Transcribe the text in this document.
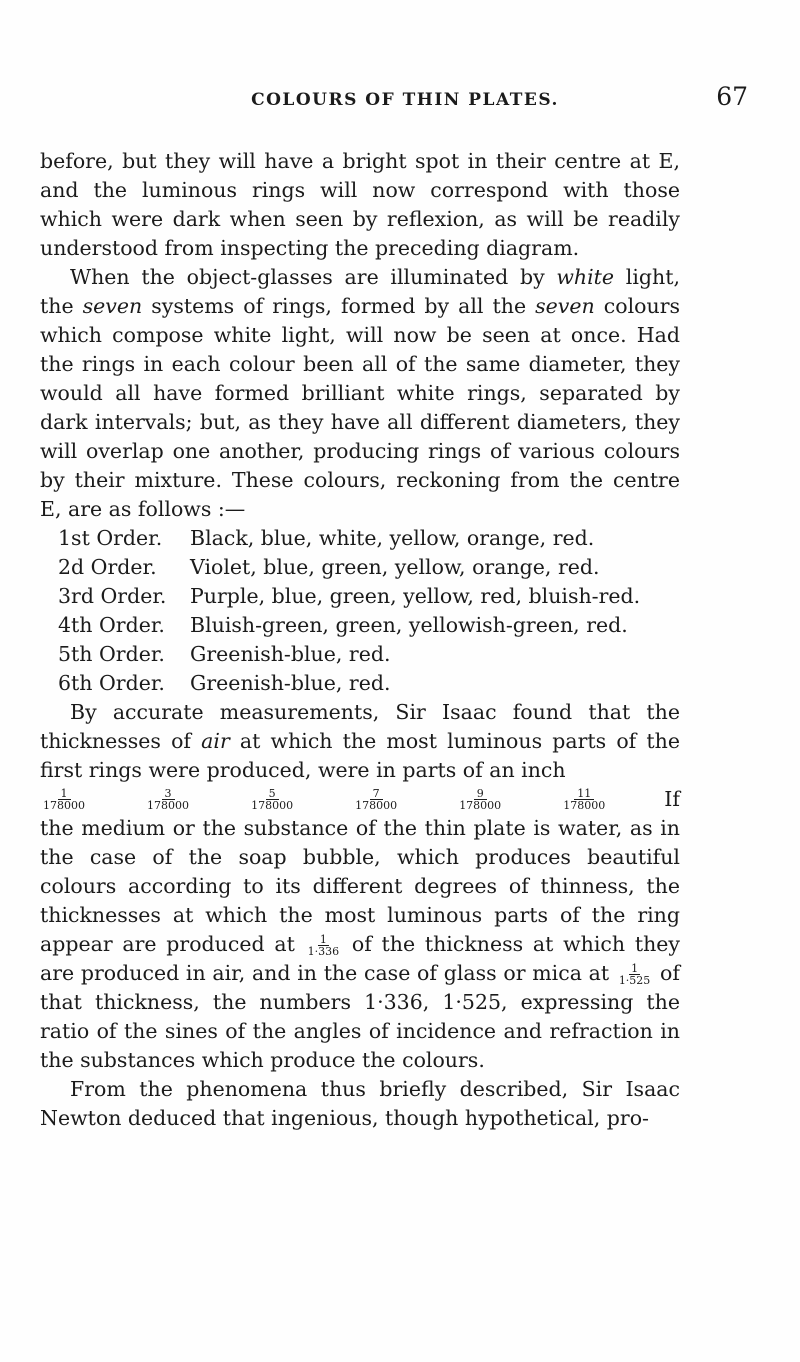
COLOURS OF THIN PLATES.	67

before, but they will have a bright spot in their centre at E, and the luminous rings will now correspond with those which were dark when seen by reflexion, as will be readily understood from inspecting the preceding diagram.

When the object-glasses are illuminated by white light, the seven systems of rings, formed by all the seven colours which compose white light, will now be seen at once. Had the rings in each colour been all of the same diameter, they would all have formed brilliant white rings, separated by dark intervals; but, as they have all different diameters, they will overlap one another, producing rings of various colours by their mixture. These colours, reckoning from the centre E, are as follows :—

1st Order.	Black, blue, white, yellow, orange, red.
2d Order.	Violet, blue, green, yellow, orange, red.
3rd Order.	Purple, blue, green, yellow, red, bluish-red.
4th Order.	Bluish-green, green, yellowish-green, red.
5th Order.	Greenish-blue, red.
6th Order.	Greenish-blue, red.

By accurate measurements, Sir Isaac found that the thicknesses of air at which the most luminous parts of the first rings were produced, were in parts of an inch

$\frac{1}{178000}$	$\frac{3}{178000}$	$\frac{5}{178000}$	$\frac{7}{178000}$	$\frac{9}{178000}$	$\frac{11}{178000}$	If

the medium or the substance of the thin plate is water, as in the case of the soap bubble, which produces beautiful colours according to its different degrees of thinness, the thicknesses at which the most luminous parts of the ring appear are produced at $\frac{1}{1\cdot 336}$ of the thickness at which they are produced in air, and in the case of glass or mica at $\frac{1}{1\cdot 525}$ of that thickness, the numbers 1·336, 1·525, expressing the ratio of the sines of the angles of incidence and refraction in the substances which produce the colours.

From the phenomena thus briefly described, Sir Isaac Newton deduced that ingenious, though hypothetical, pro-
